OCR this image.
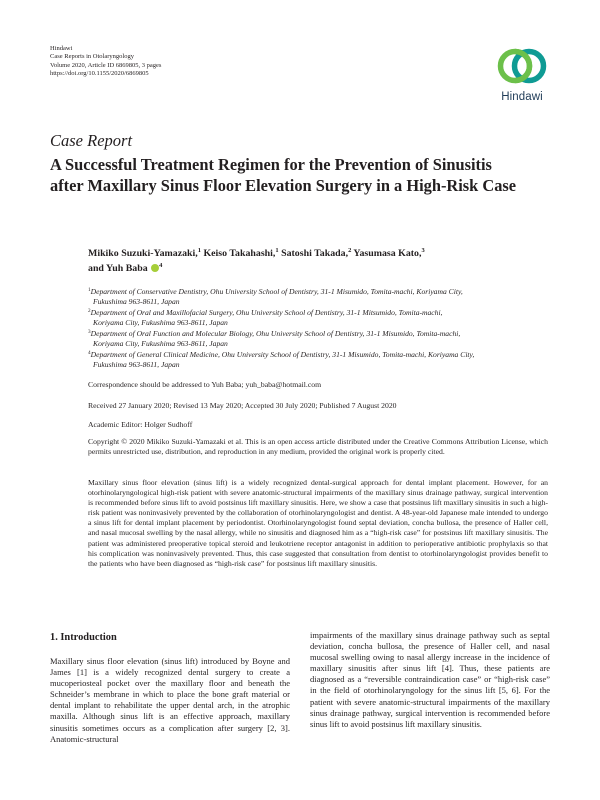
Hindawi
Case Reports in Otolaryngology
Volume 2020, Article ID 6869805, 3 pages
https://doi.org/10.1155/2020/6869805
Hindawi
Case Report
A Successful Treatment Regimen for the Prevention of Sinusitis after Maxillary Sinus Floor Elevation Surgery in a High-Risk Case
Mikiko Suzuki-Yamazaki,$^1$ Keiso Takahashi,$^1$ Satoshi Takada,$^2$ Yasumasa Kato,$^3$
and Yuh Baba $^4$
$^1$Department of Conservative Dentistry, Ohu University School of Dentistry, 31-1 Misumido, Tomita-machi, Koriyama City,
Fukushima 963-8611, Japan
$^2$Department of Oral and Maxillofacial Surgery, Ohu University School of Dentistry, 31-1 Mitsumido, Tomita-machi,
Koriyama City, Fukushima 963-8611, Japan
$^3$Department of Oral Function and Molecular Biology, Ohu University School of Dentistry, 31-1 Misumido, Tomita-machi,
Koriyama City, Fukushima 963-8611, Japan
$^4$Department of General Clinical Medicine, Ohu University School of Dentistry, 31-1 Misumido, Tomita-machi, Koriyama City,
Fukushima 963-8611, Japan
Correspondence should be addressed to Yuh Baba; yuh_baba@hotmail.com
Received 27 January 2020; Revised 13 May 2020; Accepted 30 July 2020; Published 7 August 2020
Academic Editor: Holger Sudhoff
Copyright © 2020 Mikiko Suzuki-Yamazaki et al. This is an open access article distributed under the Creative Commons Attribution License, which permits unrestricted use, distribution, and reproduction in any medium, provided the original work is properly cited.
Maxillary sinus floor elevation (sinus lift) is a widely recognized dental-surgical approach for dental implant placement. However, for an otorhinolaryngological high-risk patient with severe anatomic-structural impairments of the maxillary sinus drainage pathway, surgical intervention is recommended before sinus lift to avoid postsinus lift maxillary sinusitis. Here, we show a case that postsinus lift maxillary sinusitis in such a high-risk patient was noninvasively prevented by the collaboration of otorhinolaryngologist and dentist. A 48-year-old Japanese male intended to undergo a sinus lift for dental implant placement by periodontist. Otorhinolaryngologist found septal deviation, concha bullosa, the presence of Haller cell, and nasal mucosal swelling by the nasal allergy, while no sinusitis and diagnosed him as a “high-risk case” for postsinus lift maxillary sinusitis. The patient was administered preoperative topical steroid and leukotriene receptor antagonist in addition to perioperative antibiotic prophylaxis so that his complication was noninvasively prevented. Thus, this case suggested that consultation from dentist to otorhinolaryngologist provides benefit to the patients who have been diagnosed as “high-risk case” for postsinus lift maxillary sinusitis.
1. Introduction
Maxillary sinus floor elevation (sinus lift) introduced by Boyne and James [1] is a widely recognized dental surgery to create a mucoperiosteal pocket over the maxillary floor and beneath the Schneider’s membrane in which to place the bone graft material or dental implant to rehabilitate the upper dental arch, in the atrophic maxilla. Although sinus lift is an effective approach, maxillary sinusitis sometimes occurs as a complication after surgery [2, 3]. Anatomic-structural
impairments of the maxillary sinus drainage pathway such as septal deviation, concha bullosa, the presence of Haller cell, and nasal mucosal swelling owing to nasal allergy increase in the incidence of maxillary sinusitis after sinus lift [4]. Thus, these patients are diagnosed as a “reversible contraindication case” or “high-risk case” in the field of otorhinolaryngology for the sinus lift [5, 6]. For the patient with severe anatomic-structural impairments of the maxillary sinus drainage pathway, surgical intervention is recommended before sinus lift to avoid postsinus lift maxillary sinusitis.
